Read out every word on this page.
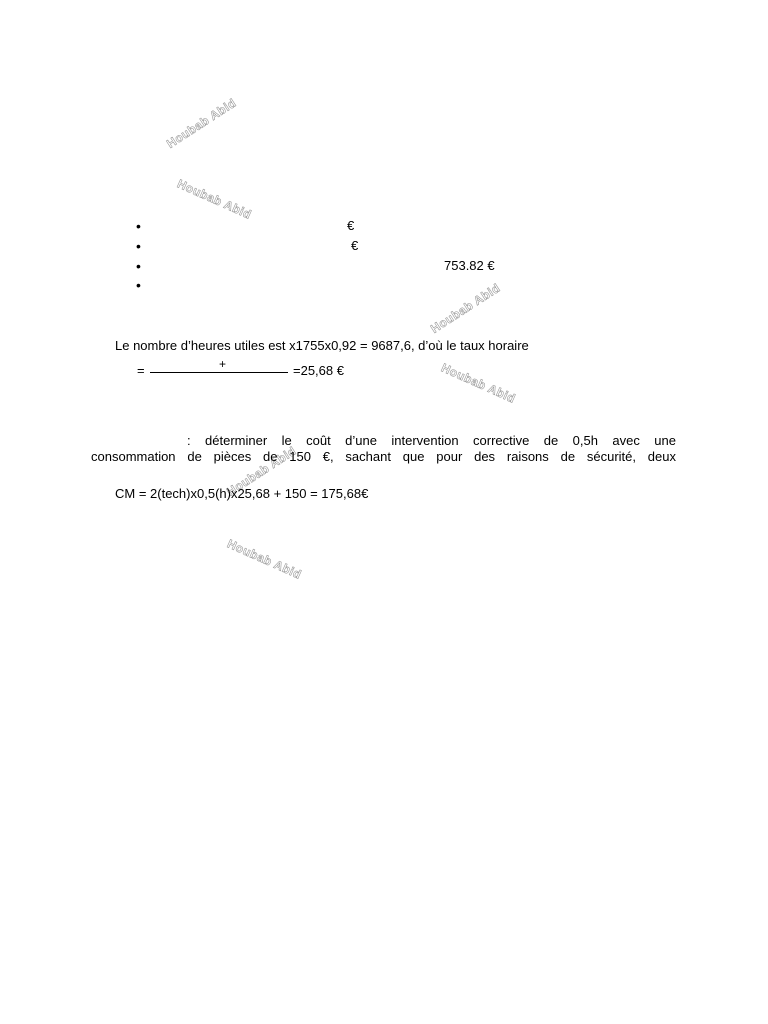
Houbab Abid
Houbab Abid
Houbab Abid
Houbab Abid
Houbab Abid
Houbab Abid
•	€
•	€
•	753.82 €
•
Le nombre d’heures utiles est x1755x0,92 = 9687,6, d’où le taux horaire
+
=	=25,68 €
: déterminer le coût d’une intervention corrective de 0,5h avec une
consommation de pièces de 150 €, sachant que pour des raisons de sécurité, deux
CM = 2(tech)x0,5(h)x25,68 + 150 = 175,68€
